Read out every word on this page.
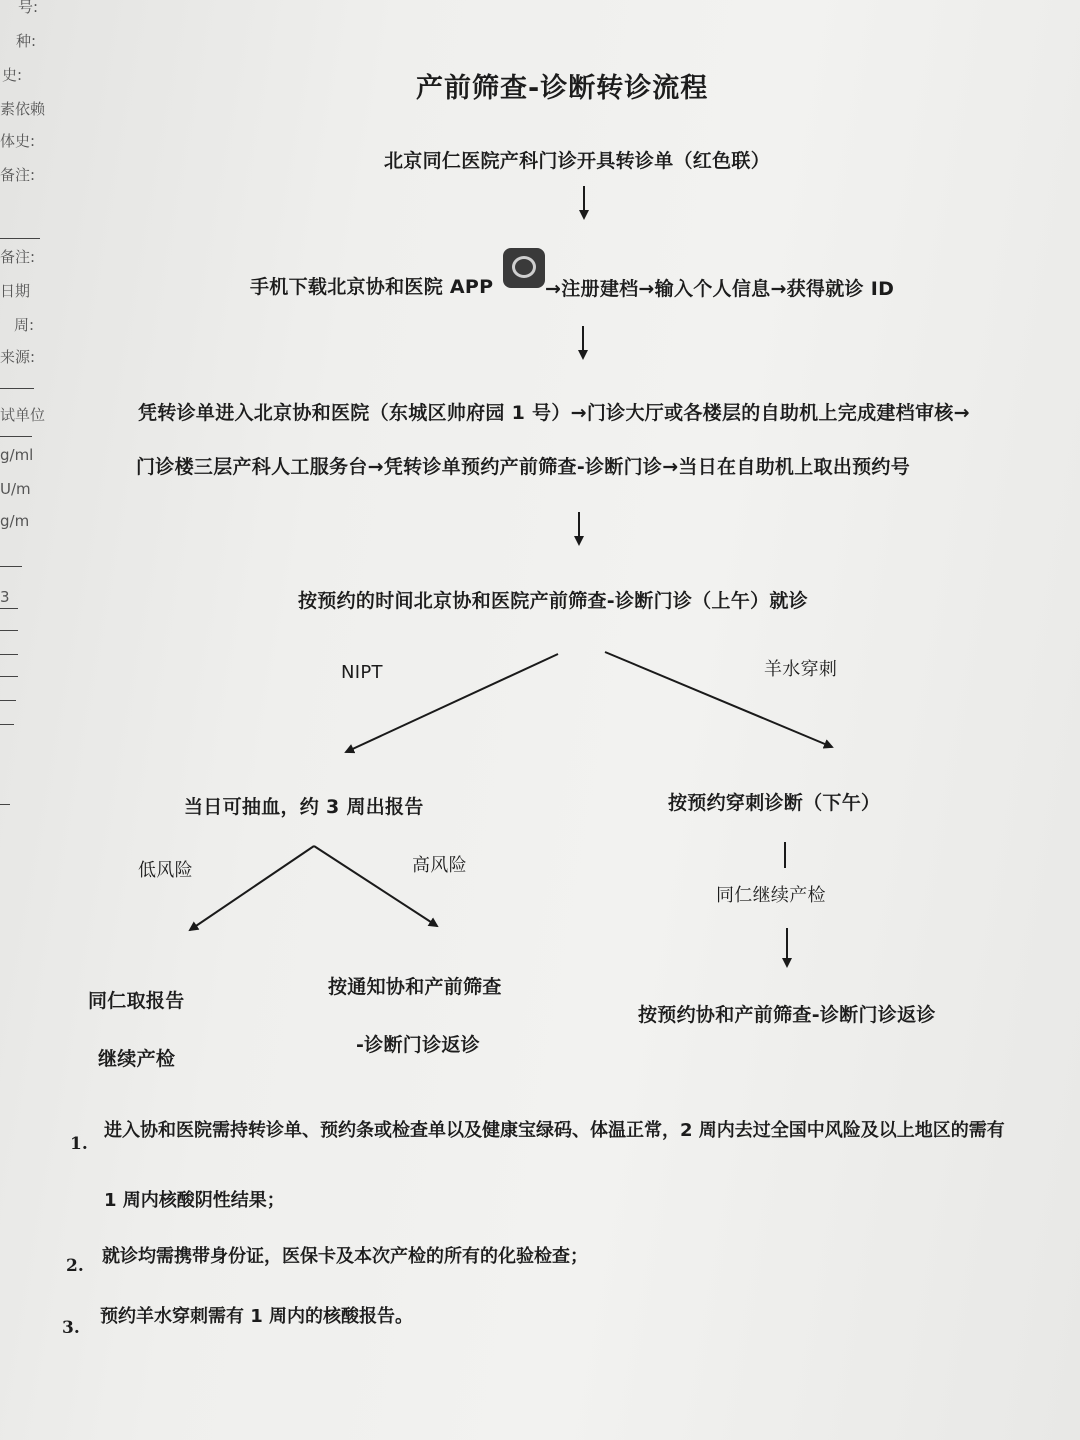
号:
种:
史:
素依赖
体史:
备注:
备注:
日期
周:
来源:
试单位
g/ml
U/m
g/m
3
产前筛查-诊断转诊流程
北京同仁医院产科门诊开具转诊单（红色联）
手机下载北京协和医院 APP	→注册建档→输入个人信息→获得就诊 ID
凭转诊单进入北京协和医院（东城区帅府园 1 号）→门诊大厅或各楼层的自助机上完成建档审核→
门诊楼三层产科人工服务台→凭转诊单预约产前筛查-诊断门诊→当日在自助机上取出预约号
按预约的时间北京协和医院产前筛查-诊断门诊（上午）就诊
NIPT	羊水穿刺
当日可抽血，约 3 周出报告	按预约穿刺诊断（下午）
低风险	高风险
同仁继续产检
同仁取报告
继续产检
按通知协和产前筛查
-诊断门诊返诊
按预约协和产前筛查-诊断门诊返诊
1.
进入协和医院需持转诊单、预约条或检查单以及健康宝绿码、体温正常，2 周内去过全国中风险及以上地区的需有
1 周内核酸阴性结果；
2. 就诊均需携带身份证，医保卡及本次产检的所有的化验检查；
3.
预约羊水穿刺需有 1 周内的核酸报告。
